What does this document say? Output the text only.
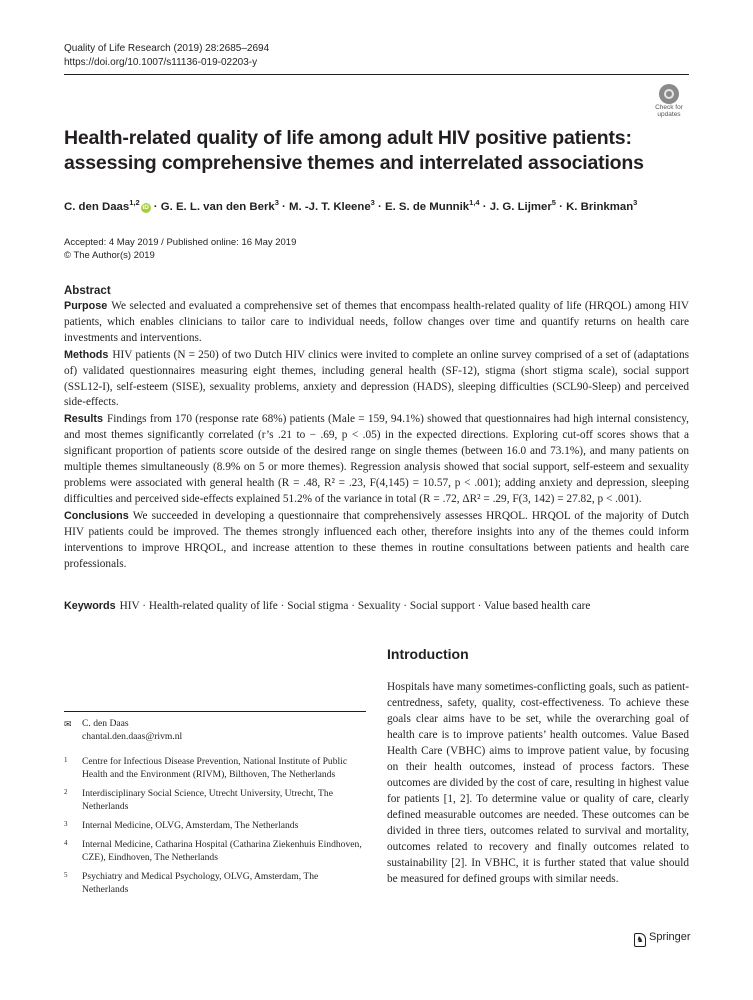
Quality of Life Research (2019) 28:2685–2694
https://doi.org/10.1007/s11136-019-02203-y
Check for
updates
Health-related quality of life among adult HIV positive patients: assessing comprehensive themes and interrelated associations
C. den Daas$^{1,2}$iD · G. E. L. van den Berk$^3$ · M. -J. T. Kleene$^3$ · E. S. de Munnik$^{1,4}$ · J. G. Lijmer$^5$ · K. Brinkman$^3$
Accepted: 4 May 2019 / Published online: 16 May 2019
© The Author(s) 2019
Abstract

Purpose We selected and evaluated a comprehensive set of themes that encompass health-related quality of life (HRQOL) among HIV patients, which enables clinicians to tailor care to individual needs, follow changes over time and quantify returns on health care investments and interventions.

Methods HIV patients (N = 250) of two Dutch HIV clinics were invited to complete an online survey comprised of a set of (adaptations of) validated questionnaires measuring eight themes, including general health (SF-12), stigma (short stigma scale), social support (SSL12-I), self-esteem (SISE), sexuality problems, anxiety and depression (HADS), sleeping difficulties (SCL90-Sleep) and perceived side-effects.

Results Findings from 170 (response rate 68%) patients (Male = 159, 94.1%) showed that questionnaires had high internal consistency, and most themes significantly correlated (r’s .21 to − .69, p < .05) in the expected directions. Exploring cut-off scores shows that a significant proportion of patients score outside of the desired range on single themes (between 16.0 and 73.1%), and many patients on multiple themes simultaneously (8.9% on 5 or more themes). Regression analysis showed that social support, self-esteem and sexuality problems were associated with general health (R = .48, R² = .23, F(4,145) = 10.57, p < .001); adding anxiety and depression, sleeping difficulties and perceived side-effects explained 51.2% of the variance in total (R = .72, ΔR² = .29, F(3, 142) = 27.82, p < .001).

Conclusions We succeeded in developing a questionnaire that comprehensively assesses HRQOL. HRQOL of the majority of Dutch HIV patients could be improved. The themes strongly influenced each other, therefore insights into any of the themes could inform interventions to improve HRQOL, and increase attention to these themes in routine consultations between patients and health care professionals.

Keywords HIV · Health-related quality of life · Social stigma · Sexuality · Social support · Value based health care
Introduction

Hospitals have many sometimes-conflicting goals, such as patient-centredness, safety, quality, cost-effectiveness. To achieve these goals clear aims have to be set, while the overarching goal of health care is to improve patients’ health outcomes. Value Based Health Care (VBHC) aims to improve patient value, by focusing on their health outcomes, instead of process factors. These outcomes are divided by the cost of care, resulting in highest value for patients [1, 2]. To determine value or quality of care, clearly defined measurable outcomes are needed. These outcomes can be divided in three tiers, outcomes related to survival and mortality, outcomes related to recovery and finally outcomes related to sustainability [2]. In VBHC, it is further stated that value should be measured for defined groups with similar needs.

✉ C. den Daas
chantal.den.daas@rivm.nl
1 Centre for Infectious Disease Prevention, National Institute of Public Health and the Environment (RIVM), Bilthoven, The Netherlands
2 Interdisciplinary Social Science, Utrecht University, Utrecht, The Netherlands
3 Internal Medicine, OLVG, Amsterdam, The Netherlands
4 Internal Medicine, Catharina Hospital (Catharina Ziekenhuis Eindhoven, CZE), Eindhoven, The Netherlands
5 Psychiatry and Medical Psychology, OLVG, Amsterdam, The Netherlands
♞ Springer
